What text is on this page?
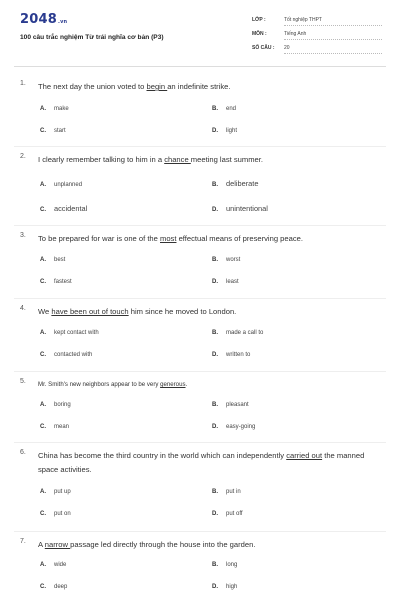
2048.vn
100 câu trắc nghiệm Từ trái nghĩa cơ bản (P3)
LỚP :	Tốt nghiệp THPT
MÔN :	Tiếng Anh
SỐ CÂU : 20
1. The next day the union voted to begin an indefinite strike.
A. make	B. end
C. start	D. light
2. I clearly remember talking to him in a chance meeting last summer.
A. unplanned	B. deliberate
C. accidental	D. unintentional
3. To be prepared for war is one of the most effectual means of preserving peace.
A. best	B. worst
C. fastest	D. least
4. We have been out of touch him since he moved to London.
A. kept contact with	B. made a call to
C. contacted with	D. written to
5. Mr. Smith's new neighbors appear to be very generous.
A. boring	B. pleasant
C. mean	D. easy-going
6. China has become the third country in the world which can independently carried out the manned space activities.
A. put up	B. put in
C. put on	D. put off
7. A narrow passage led directly through the house into the garden.
A. wide	B. long
C. deep	D. high
